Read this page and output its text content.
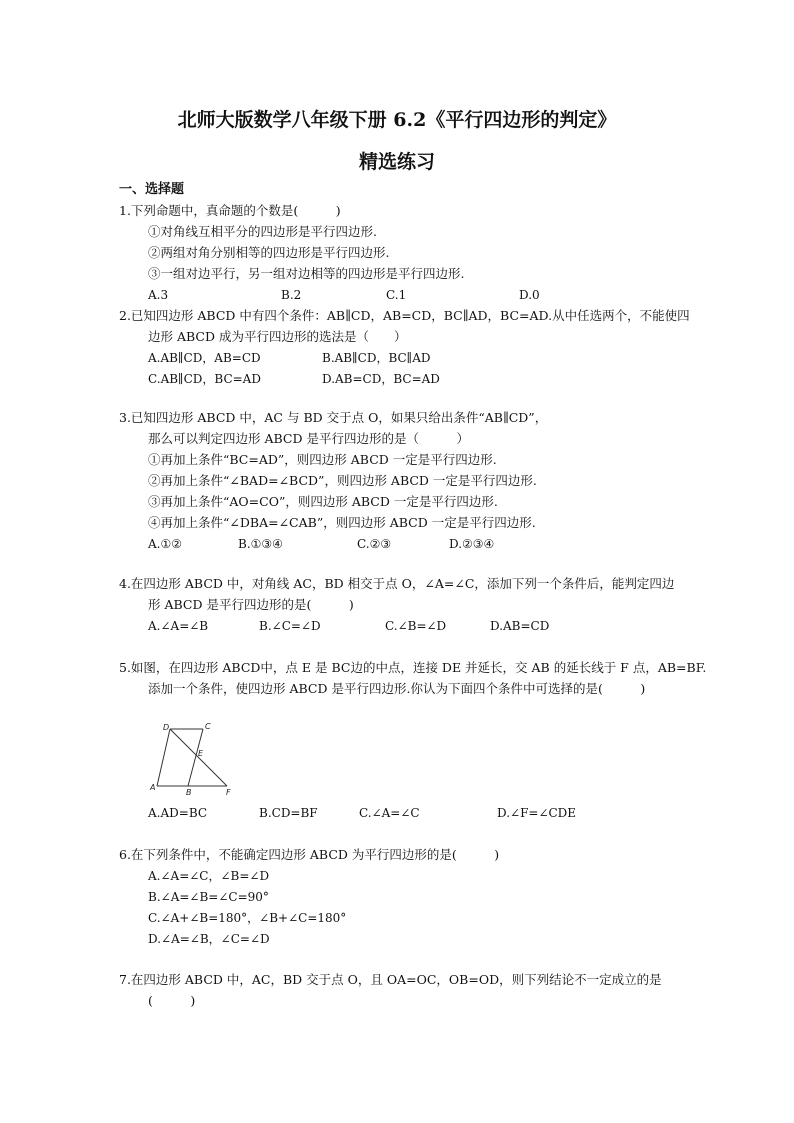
北师大版数学八年级下册 6.2《平行四边形的判定》
精选练习
一、选择题
1.下列命题中，真命题的个数是(　　　)
①对角线互相平分的四边形是平行四边形.
②两组对角分别相等的四边形是平行四边形.
③一组对边平行，另一组对边相等的四边形是平行四边形.
A.3	B.2	C.1	D.0
2.已知四边形 ABCD 中有四个条件：AB∥CD，AB=CD，BC∥AD，BC=AD.从中任选两个，不能使四
边形 ABCD 成为平行四边形的选法是（　　）
A.AB∥CD，AB=CD	B.AB∥CD，BC∥AD
C.AB∥CD，BC=AD	D.AB=CD，BC=AD
3.已知四边形 ABCD 中，AC 与 BD 交于点 O，如果只给出条件“AB∥CD”，
那么可以判定四边形 ABCD 是平行四边形的是（　　　）
①再加上条件“BC=AD”，则四边形 ABCD 一定是平行四边形.
②再加上条件“∠BAD=∠BCD”，则四边形 ABCD 一定是平行四边形.
③再加上条件“AO=CO”，则四边形 ABCD 一定是平行四边形.
④再加上条件“∠DBA=∠CAB”，则四边形 ABCD 一定是平行四边形.
A.①②	B.①③④	C.②③	D.②③④
4.在四边形 ABCD 中，对角线 AC，BD 相交于点 O，∠A=∠C，添加下列一个条件后，能判定四边
形 ABCD 是平行四边形的是(　　　)
A.∠A=∠B	B.∠C=∠D	C.∠B=∠D	D.AB=CD
5.如图，在四边形 ABCD中，点 E 是 BC边的中点，连接 DE 并延长，交 AB 的延长线于 F 点，AB=BF.
添加一个条件，使四边形 ABCD 是平行四边形.你认为下面四个条件中可选择的是(　　　)
D	C
E
A
B	F
A.AD=BC	B.CD=BF	C.∠A=∠C	D.∠F=∠CDE
6.在下列条件中，不能确定四边形 ABCD 为平行四边形的是(　　　)
A.∠A=∠C，∠B=∠D
B.∠A=∠B=∠C=90°
C.∠A+∠B=180°，∠B+∠C=180°
D.∠A=∠B，∠C=∠D
7.在四边形 ABCD 中，AC，BD 交于点 O，且 OA=OC，OB=OD，则下列结论不一定成立的是
(　　　)
